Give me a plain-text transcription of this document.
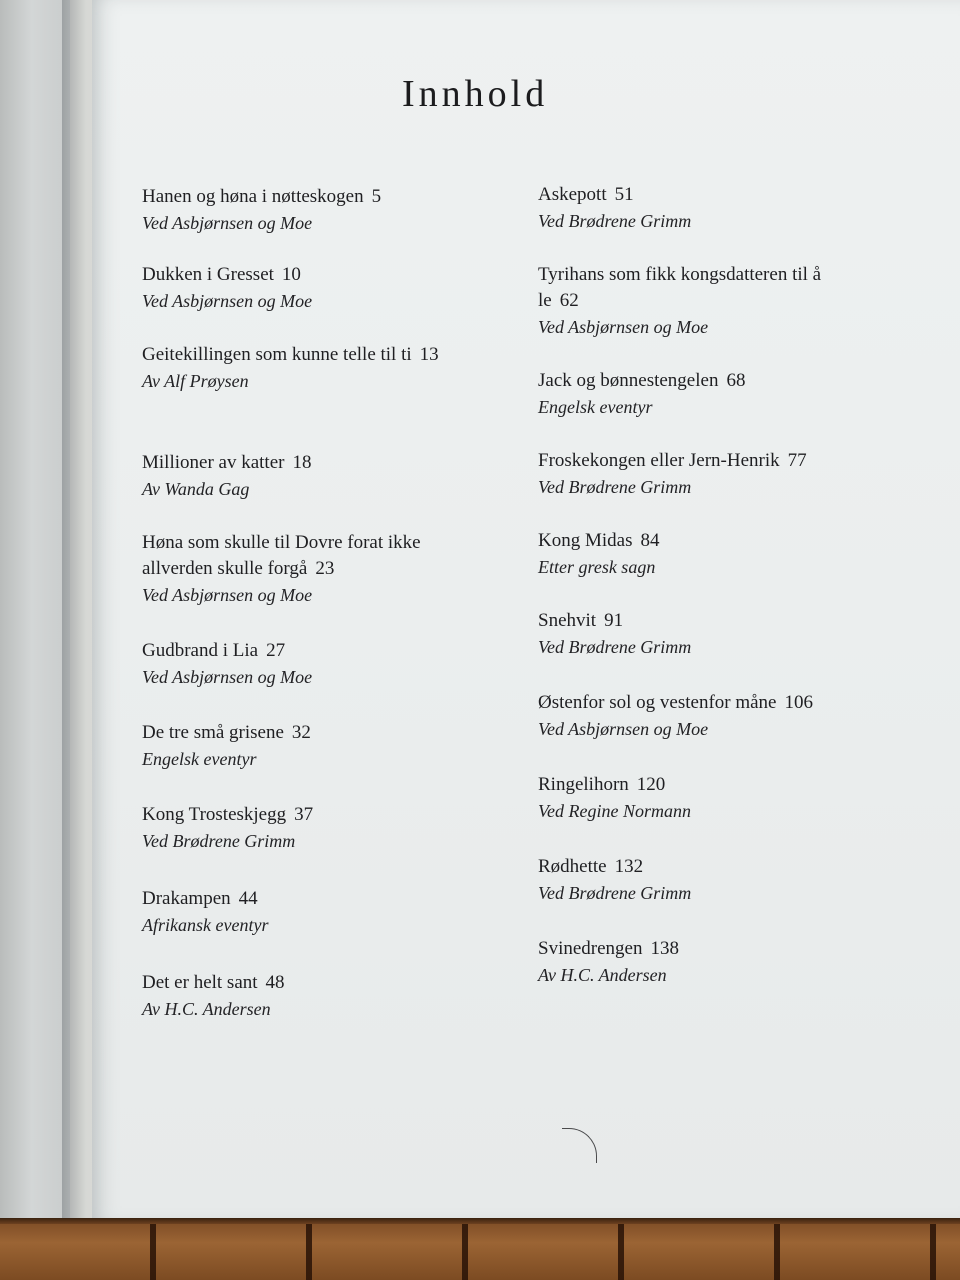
Innhold

Hanen og høna i nøtteskogen 5

Ved Asbjørnsen og Moe

Dukken i Gresset 10

Ved Asbjørnsen og Moe

Geitekillingen som kunne telle til ti 13

Av Alf Prøysen

Millioner av katter 18

Av Wanda Gag

Høna som skulle til Dovre forat ikke allverden skulle forgå 23

Ved Asbjørnsen og Moe

Gudbrand i Lia 27

Ved Asbjørnsen og Moe

De tre små grisene 32

Engelsk eventyr

Kong Trosteskjegg 37

Ved Brødrene Grimm

Drakampen 44

Afrikansk eventyr

Det er helt sant 48

Av H.C. Andersen

Askepott 51

Ved Brødrene Grimm

Tyrihans som fikk kongsdatteren til å le 62

Ved Asbjørnsen og Moe

Jack og bønnestengelen 68

Engelsk eventyr

Froskekongen eller Jern-Henrik 77

Ved Brødrene Grimm

Kong Midas 84

Etter gresk sagn

Snehvit 91

Ved Brødrene Grimm

Østenfor sol og vestenfor måne 106

Ved Asbjørnsen og Moe

Ringelihorn 120

Ved Regine Normann

Rødhette 132

Ved Brødrene Grimm

Svinedrengen 138

Av H.C. Andersen
